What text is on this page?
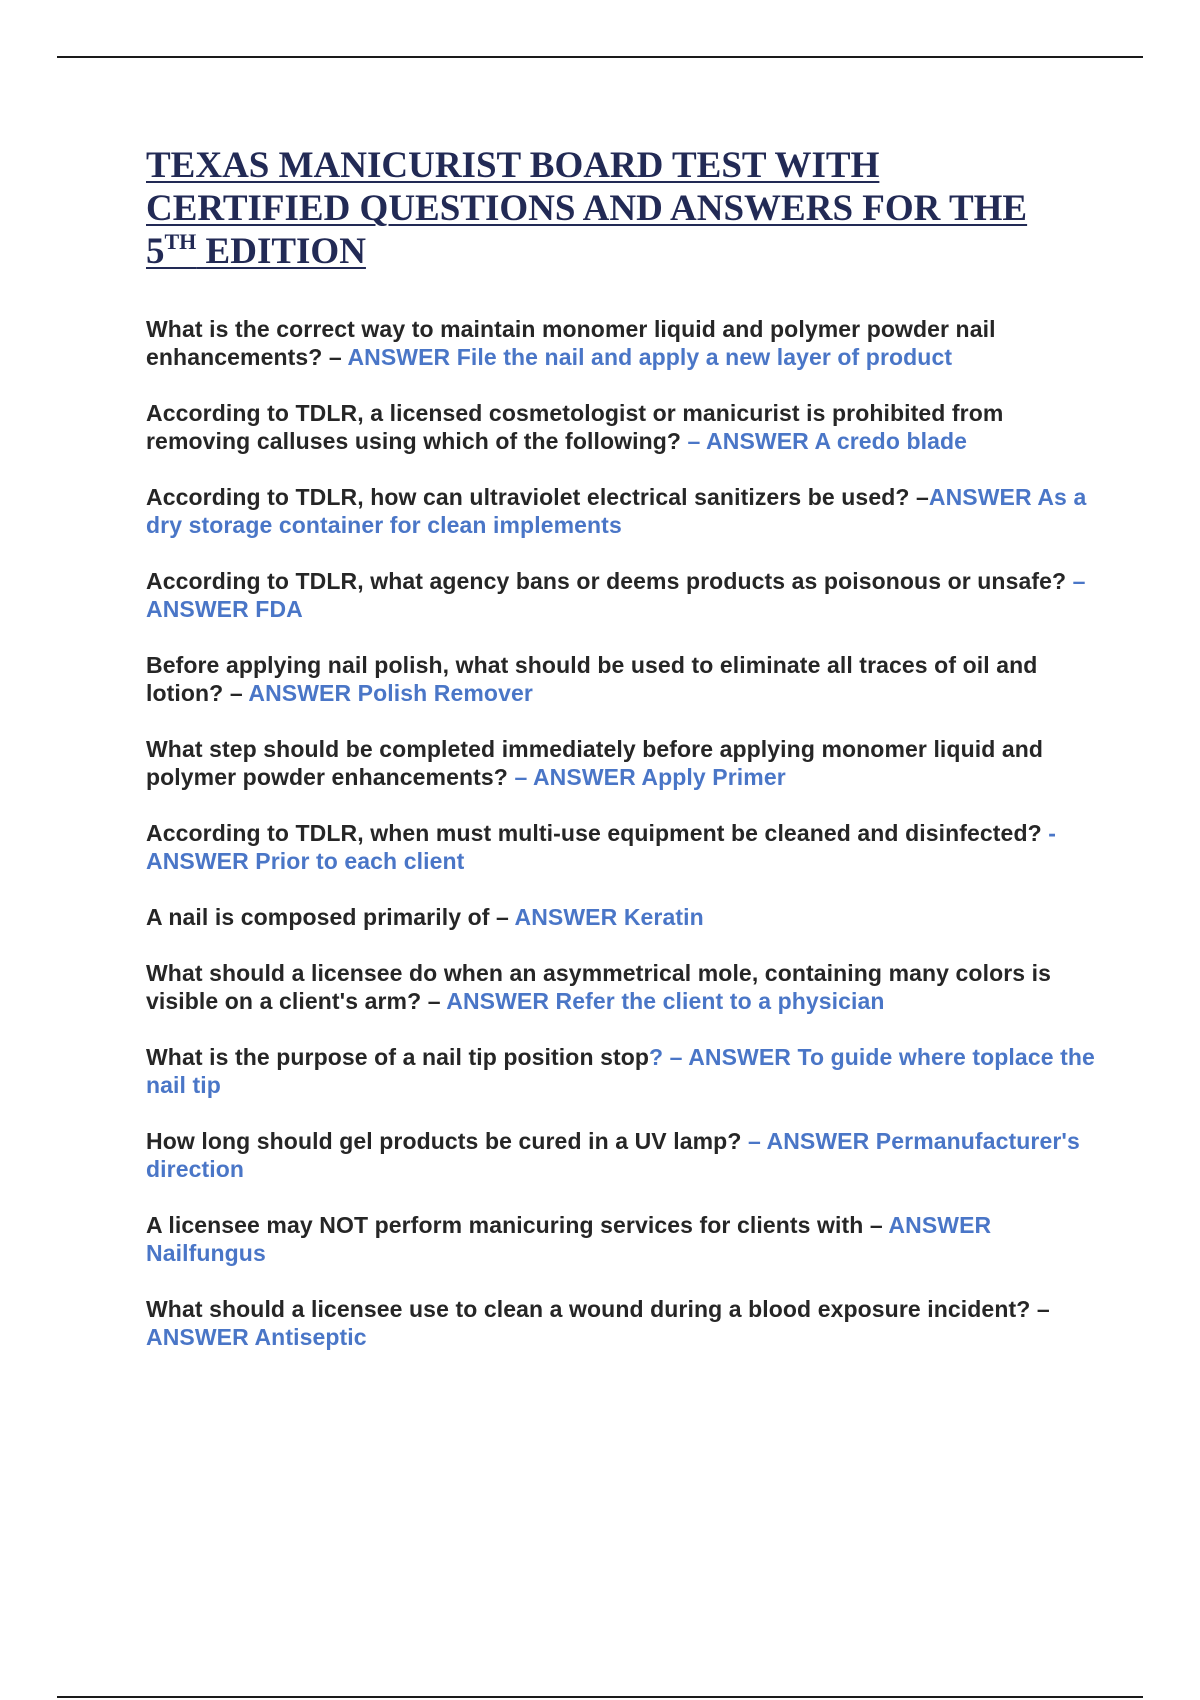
TEXAS MANICURIST BOARD TEST WITH
CERTIFIED QUESTIONS AND ANSWERS FOR THE
5TH EDITION

What is the correct way to maintain monomer liquid and polymer powder nail enhancements? – ANSWER File the nail and apply a new layer of product

According to TDLR, a licensed cosmetologist or manicurist is prohibited from removing calluses using which of the following? – ANSWER A credo blade

According to TDLR, how can ultraviolet electrical sanitizers be used? –ANSWER As a dry storage container for clean implements

According to TDLR, what agency bans or deems products as poisonous or unsafe? – ANSWER FDA

Before applying nail polish, what should be used to eliminate all traces of oil and lotion? – ANSWER Polish Remover

What step should be completed immediately before applying monomer liquid and polymer powder enhancements? – ANSWER Apply Primer

According to TDLR, when must multi-use equipment be cleaned and disinfected? - ANSWER Prior to each client

A nail is composed primarily of – ANSWER Keratin

What should a licensee do when an asymmetrical mole, containing many colors is visible on a client's arm? – ANSWER Refer the client to a physician

What is the purpose of a nail tip position stop? – ANSWER To guide where toplace the nail tip

How long should gel products be cured in a UV lamp? – ANSWER Permanufacturer's direction

A licensee may NOT perform manicuring services for clients with – ANSWER Nailfungus

What should a licensee use to clean a wound during a blood exposure incident? –ANSWER Antiseptic
